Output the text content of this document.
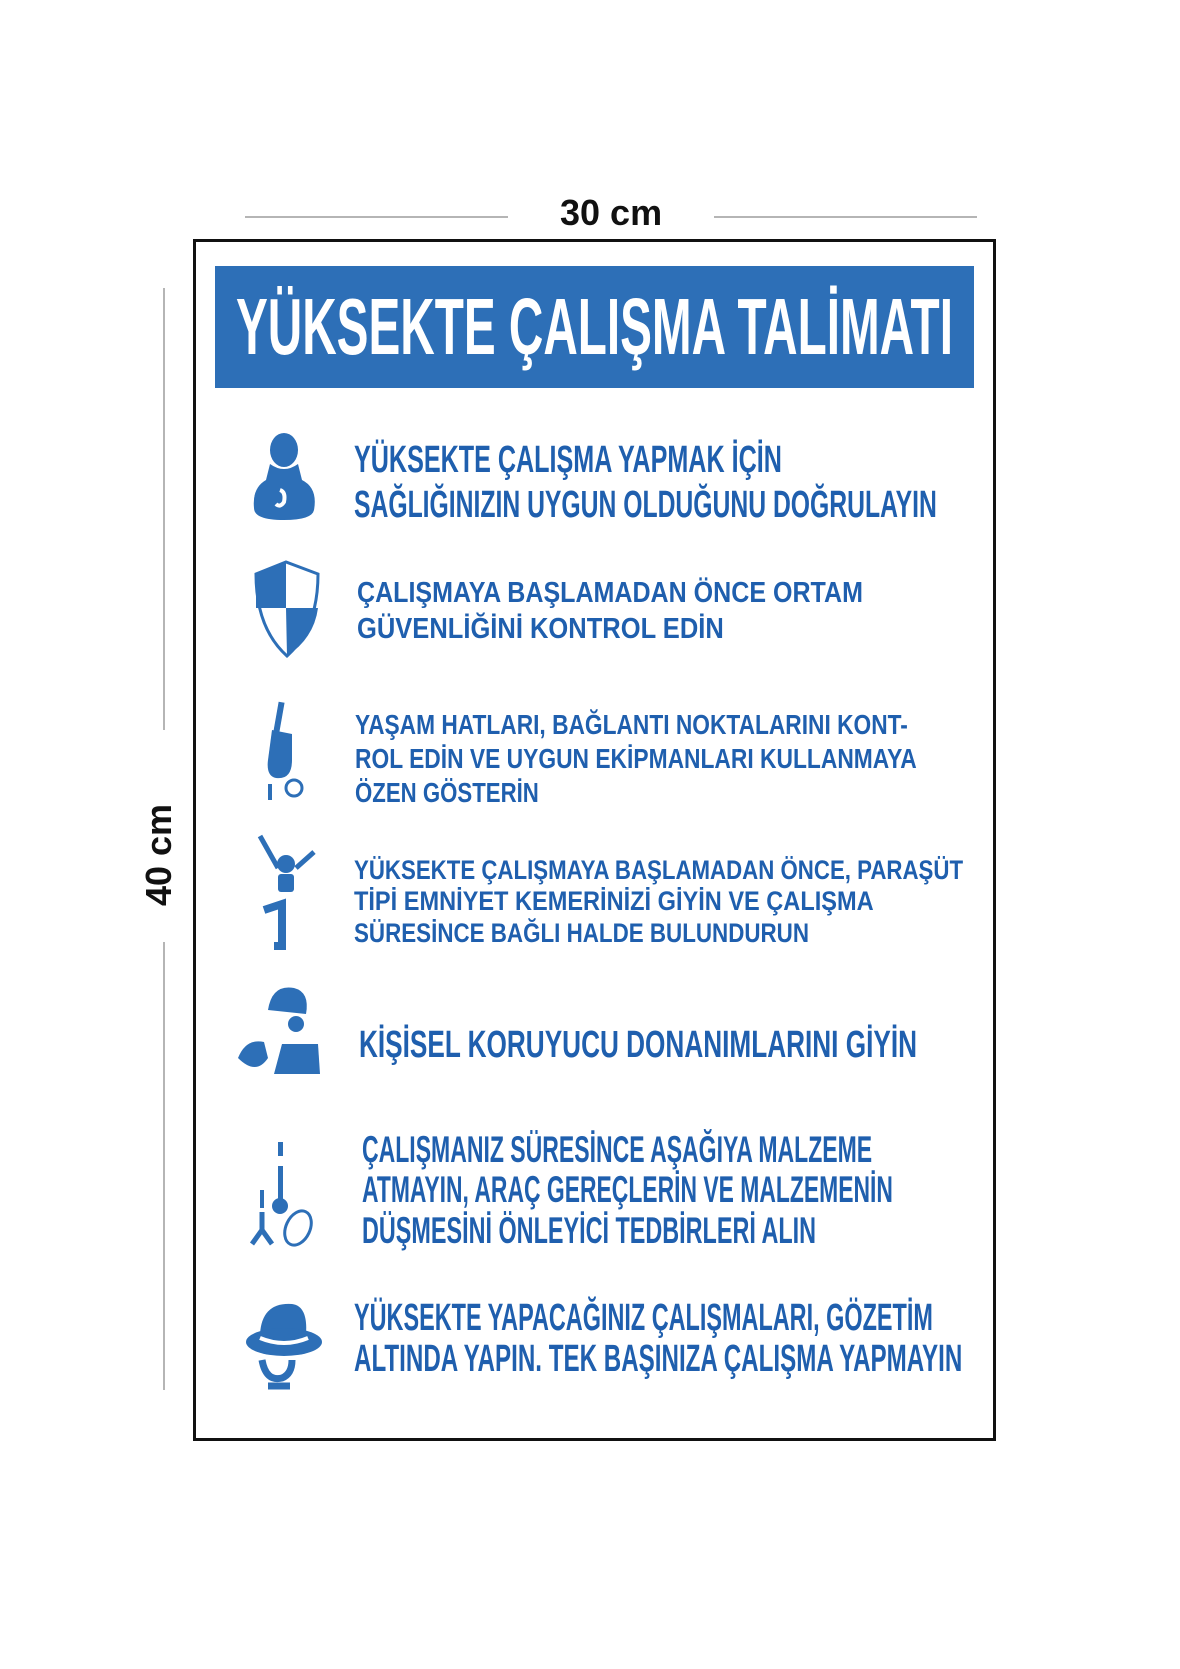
30 cm
40 cm
YÜKSEKTE ÇALIŞMA TALİMATI
YÜKSEKTE ÇALIŞMA YAPMAK İÇİN
SAĞLIĞINIZIN UYGUN OLDUĞUNU DOĞRULAYIN
ÇALIŞMAYA BAŞLAMADAN ÖNCE ORTAM
GÜVENLİĞİNİ KONTROL EDİN
YAŞAM HATLARI, BAĞLANTI NOKTALARINI KONT-
ROL EDİN VE UYGUN EKİPMANLARI KULLANMAYA
ÖZEN GÖSTERİN
YÜKSEKTE ÇALIŞMAYA BAŞLAMADAN ÖNCE, PARAŞÜT
TİPİ EMNİYET KEMERİNİZİ GİYİN VE ÇALIŞMA
SÜRESİNCE BAĞLI HALDE BULUNDURUN
KİŞİSEL KORUYUCU DONANIMLARINI GİYİN
ÇALIŞMANIZ SÜRESİNCE AŞAĞIYA MALZEME
ATMAYIN, ARAÇ GEREÇLERİN VE MALZEMENİN
DÜŞMESİNİ ÖNLEYİCİ TEDBİRLERİ ALIN
YÜKSEKTE YAPACAĞINIZ ÇALIŞMALARI, GÖZETİM
ALTINDA YAPIN. TEK BAŞINIZA ÇALIŞMA YAPMAYIN
